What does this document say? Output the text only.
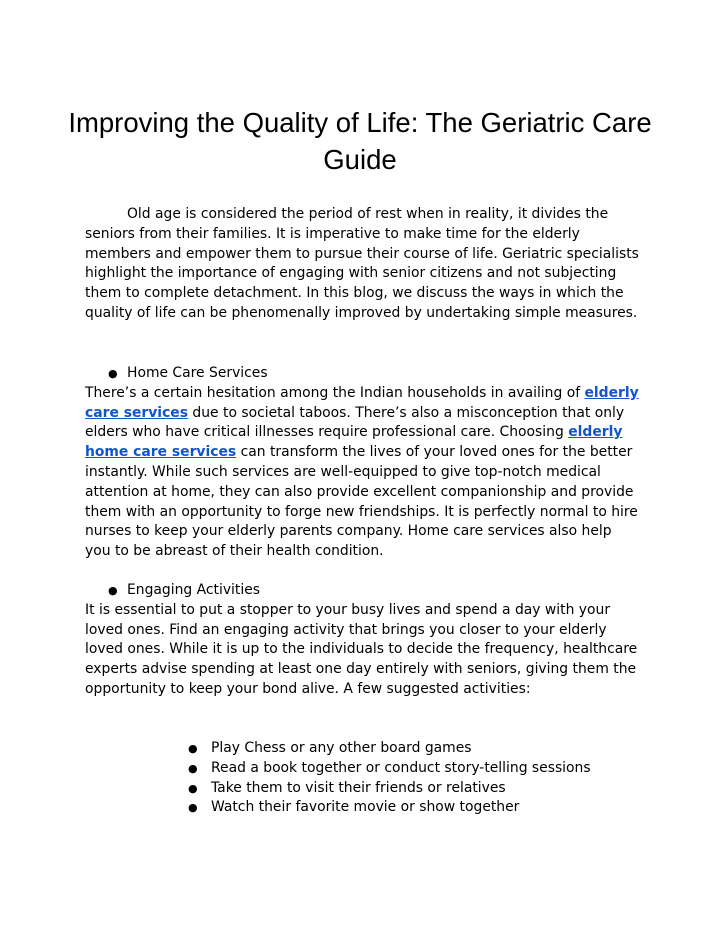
Improving the Quality of Life: The Geriatric Care Guide
Old age is considered the period of rest when in reality, it divides the seniors from their families. It is imperative to make time for the elderly members and empower them to pursue their course of life. Geriatric specialists highlight the importance of engaging with senior citizens and not subjecting them to complete detachment. In this blog, we discuss the ways in which the quality of life can be phenomenally improved by undertaking simple measures.
● Home Care Services
There’s a certain hesitation among the Indian households in availing of elderly care services due to societal taboos. There’s also a misconception that only elders who have critical illnesses require professional care. Choosing elderly home care services can transform the lives of your loved ones for the better instantly. While such services are well-equipped to give top-notch medical attention at home, they can also provide excellent companionship and provide them with an opportunity to forge new friendships. It is perfectly normal to hire nurses to keep your elderly parents company. Home care services also help you to be abreast of their health condition.
● Engaging Activities
It is essential to put a stopper to your busy lives and spend a day with your loved ones. Find an engaging activity that brings you closer to your elderly loved ones. While it is up to the individuals to decide the frequency, healthcare experts advise spending at least one day entirely with seniors, giving them the opportunity to keep your bond alive. A few suggested activities:
● Play Chess or any other board games
● Read a book together or conduct story-telling sessions
● Take them to visit their friends or relatives
● Watch their favorite movie or show together
